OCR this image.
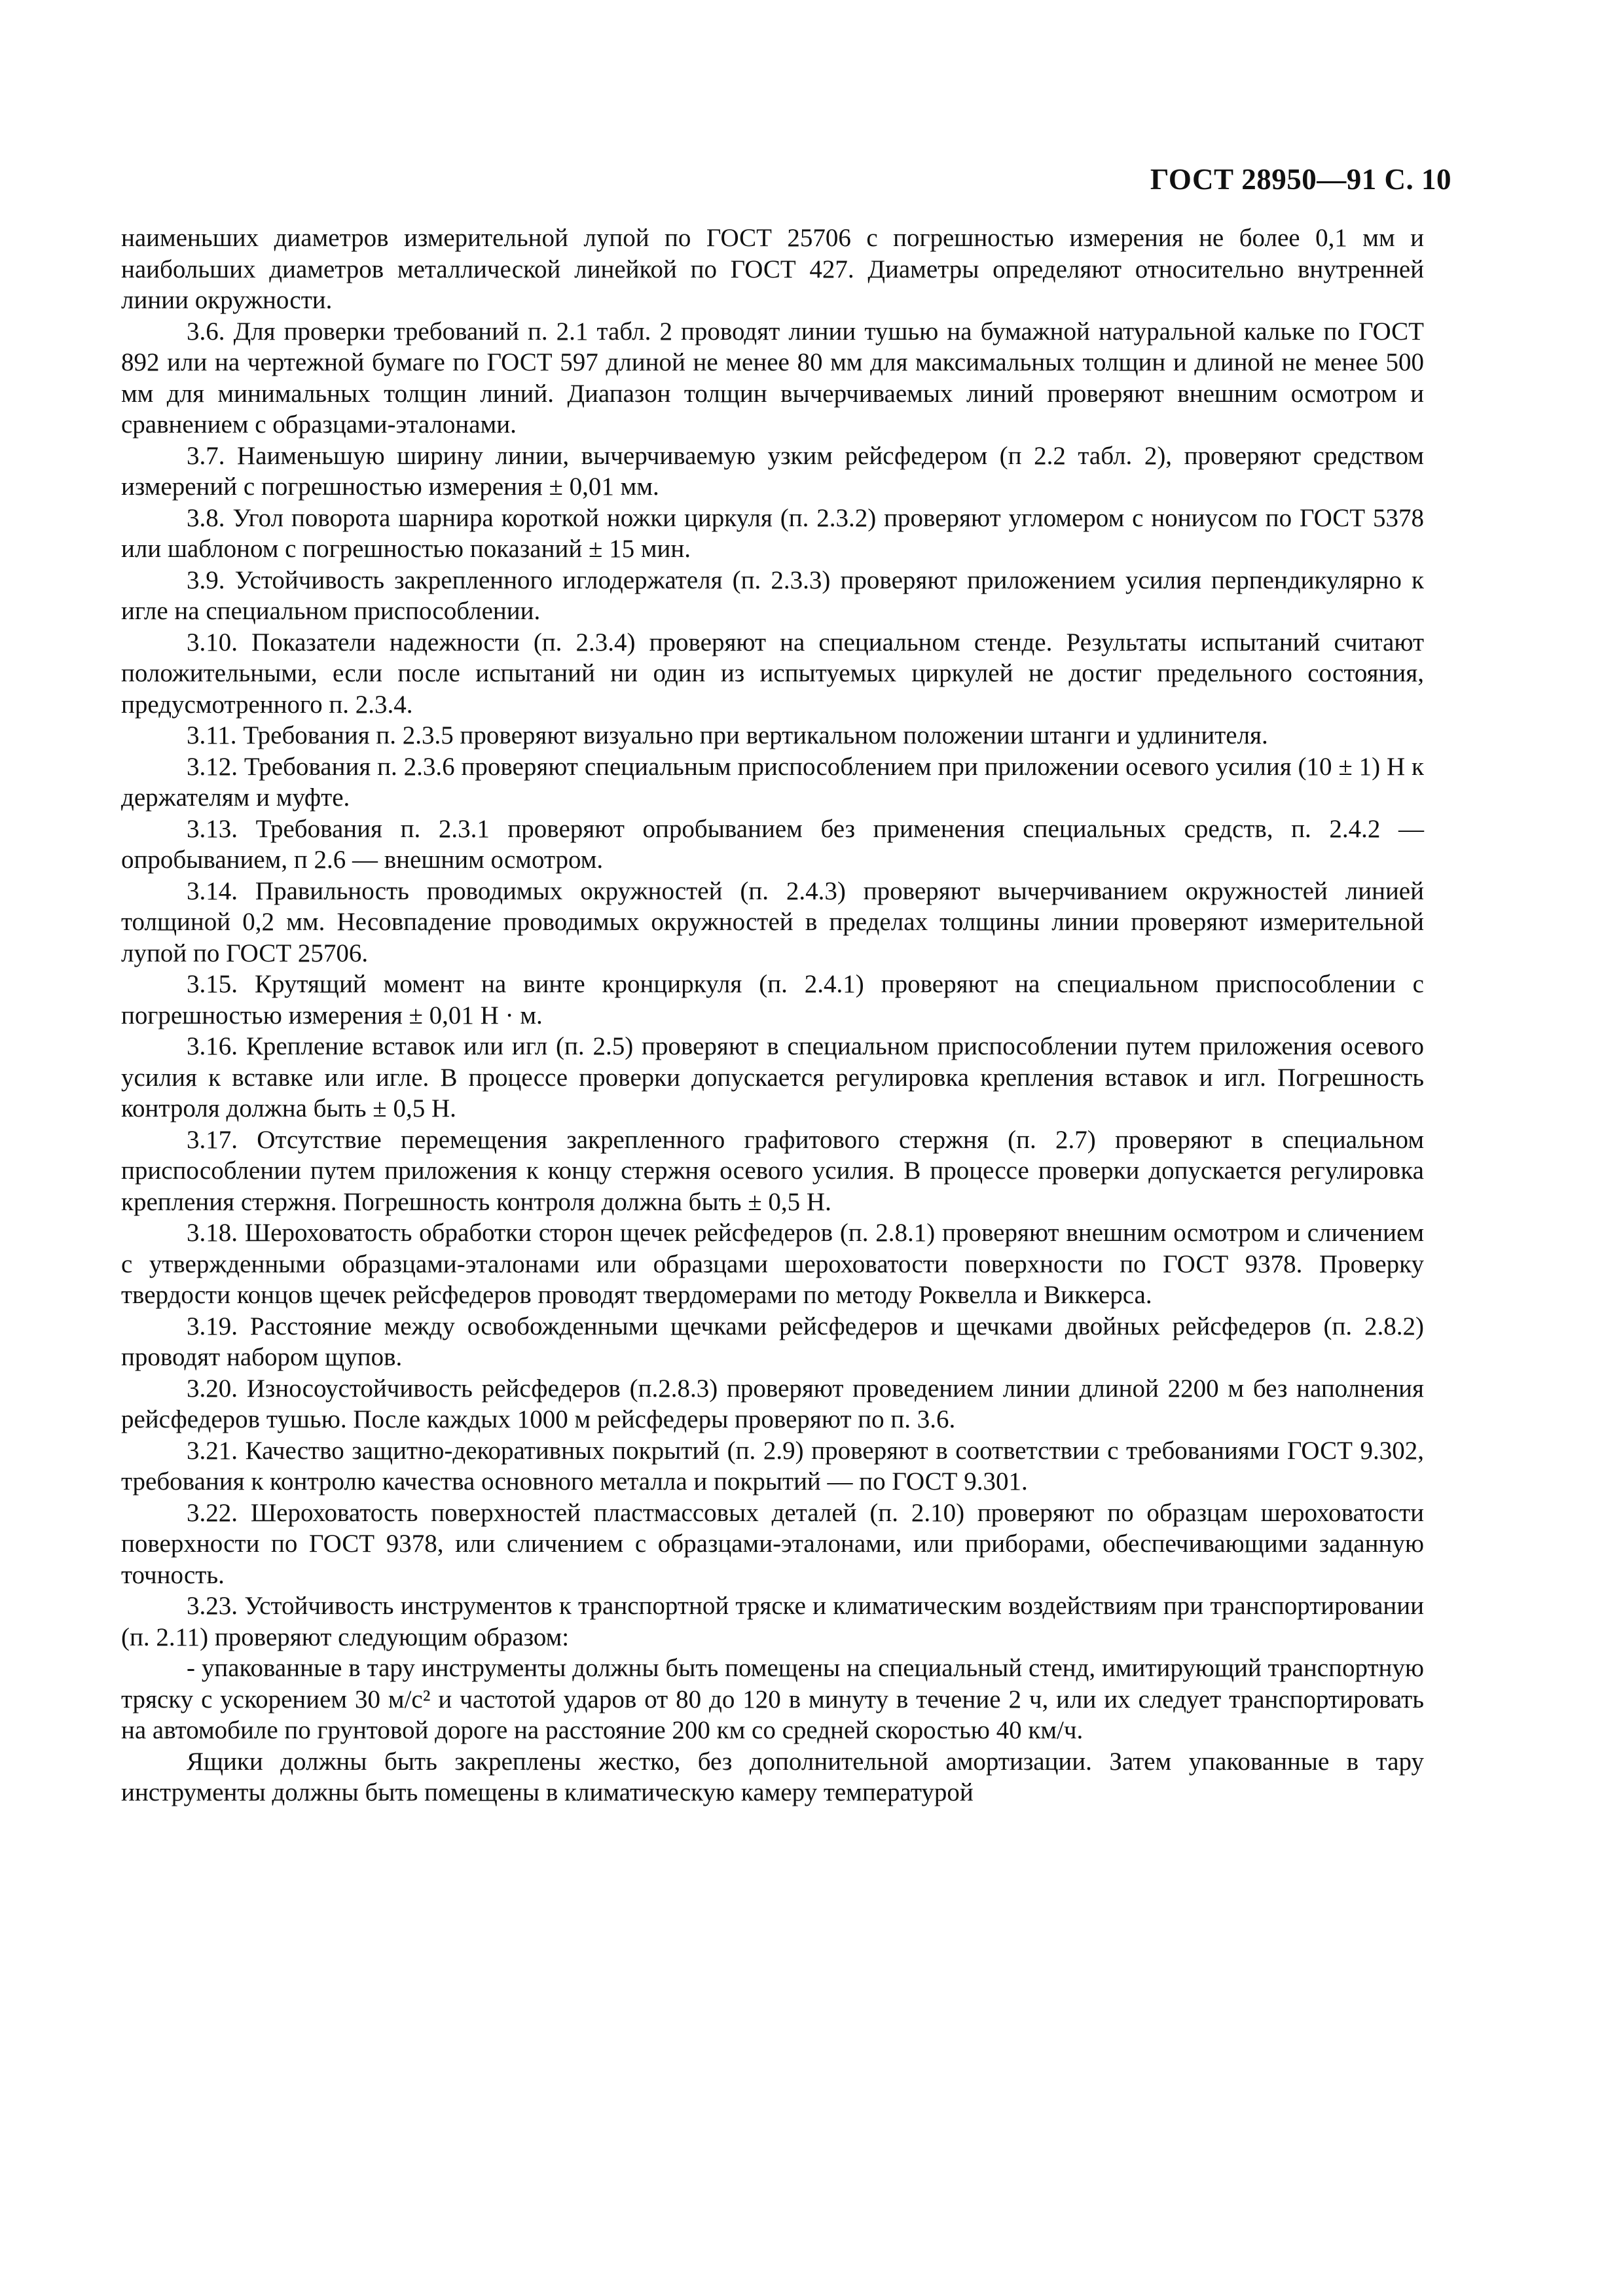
ГОСТ 28950—91 С. 10

наименьших диаметров измерительной лупой по ГОСТ 25706 с погрешностью измерения не более 0,1 мм и наибольших диаметров металлической линейкой по ГОСТ 427. Диаметры определяют относительно внутренней линии окружности.

3.6. Для проверки требований п. 2.1 табл. 2 проводят линии тушью на бумажной натуральной кальке по ГОСТ 892 или на чертежной бумаге по ГОСТ 597 длиной не менее 80 мм для максимальных толщин и длиной не менее 500 мм для минимальных толщин линий. Диапазон толщин вычерчиваемых линий проверяют внешним осмотром и сравнением с образцами-эталонами.

3.7. Наименьшую ширину линии, вычерчиваемую узким рейсфедером (п 2.2 табл. 2), проверяют средством измерений с погрешностью измерения ± 0,01 мм.

3.8. Угол поворота шарнира короткой ножки циркуля (п. 2.3.2) проверяют угломером с нониусом по ГОСТ 5378 или шаблоном с погрешностью показаний ± 15 мин.

3.9. Устойчивость закрепленного иглодержателя (п. 2.3.3) проверяют приложением усилия перпендикулярно к игле на специальном приспособлении.

3.10. Показатели надежности (п. 2.3.4) проверяют на специальном стенде. Результаты испытаний считают положительными, если после испытаний ни один из испытуемых циркулей не достиг предельного состояния, предусмотренного п. 2.3.4.

3.11. Требования п. 2.3.5 проверяют визуально при вертикальном положении штанги и удлинителя.

3.12. Требования п. 2.3.6 проверяют специальным приспособлением при приложении осевого усилия (10 ± 1) Н к держателям и муфте.

3.13. Требования п. 2.3.1 проверяют опробыванием без применения специальных средств, п. 2.4.2 — опробыванием, п 2.6 — внешним осмотром.

3.14. Правильность проводимых окружностей (п. 2.4.3) проверяют вычерчиванием окружностей линией толщиной 0,2 мм. Несовпадение проводимых окружностей в пределах толщины линии проверяют измерительной лупой по ГОСТ 25706.

3.15. Крутящий момент на винте кронциркуля (п. 2.4.1) проверяют на специальном приспособлении с погрешностью измерения ± 0,01 Н · м.

3.16. Крепление вставок или игл (п. 2.5) проверяют в специальном приспособлении путем приложения осевого усилия к вставке или игле. В процессе проверки допускается регулировка крепления вставок и игл. Погрешность контроля должна быть ± 0,5 Н.

3.17. Отсутствие перемещения закрепленного графитового стержня (п. 2.7) проверяют в специальном приспособлении путем приложения к концу стержня осевого усилия. В процессе проверки допускается регулировка крепления стержня. Погрешность контроля должна быть ± 0,5 Н.

3.18. Шероховатость обработки сторон щечек рейсфедеров (п. 2.8.1) проверяют внешним осмотром и сличением с утвержденными образцами-эталонами или образцами шероховатости поверхности по ГОСТ 9378. Проверку твердости концов щечек рейсфедеров проводят твердомерами по методу Роквелла и Виккерса.

3.19. Расстояние между освобожденными щечками рейсфедеров и щечками двойных рейсфедеров (п. 2.8.2) проводят набором щупов.

3.20. Износоустойчивость рейсфедеров (п.2.8.3) проверяют проведением линии длиной 2200 м без наполнения рейсфедеров тушью. После каждых 1000 м рейсфедеры проверяют по п. 3.6.

3.21. Качество защитно-декоративных покрытий (п. 2.9) проверяют в соответствии с требованиями ГОСТ 9.302, требования к контролю качества основного металла и покрытий — по ГОСТ 9.301.

3.22. Шероховатость поверхностей пластмассовых деталей (п. 2.10) проверяют по образцам шероховатости поверхности по ГОСТ 9378, или сличением с образцами-эталонами, или приборами, обеспечивающими заданную точность.

3.23. Устойчивость инструментов к транспортной тряске и климатическим воздействиям при транспортировании (п. 2.11) проверяют следующим образом:

- упакованные в тару инструменты должны быть помещены на специальный стенд, имитирующий транспортную тряску с ускорением 30 м/с² и частотой ударов от 80 до 120 в минуту в течение 2 ч, или их следует транспортировать на автомобиле по грунтовой дороге на расстояние 200 км со средней скоростью 40 км/ч.

Ящики должны быть закреплены жестко, без дополнительной амортизации. Затем упакованные в тару инструменты должны быть помещены в климатическую камеру температурой
